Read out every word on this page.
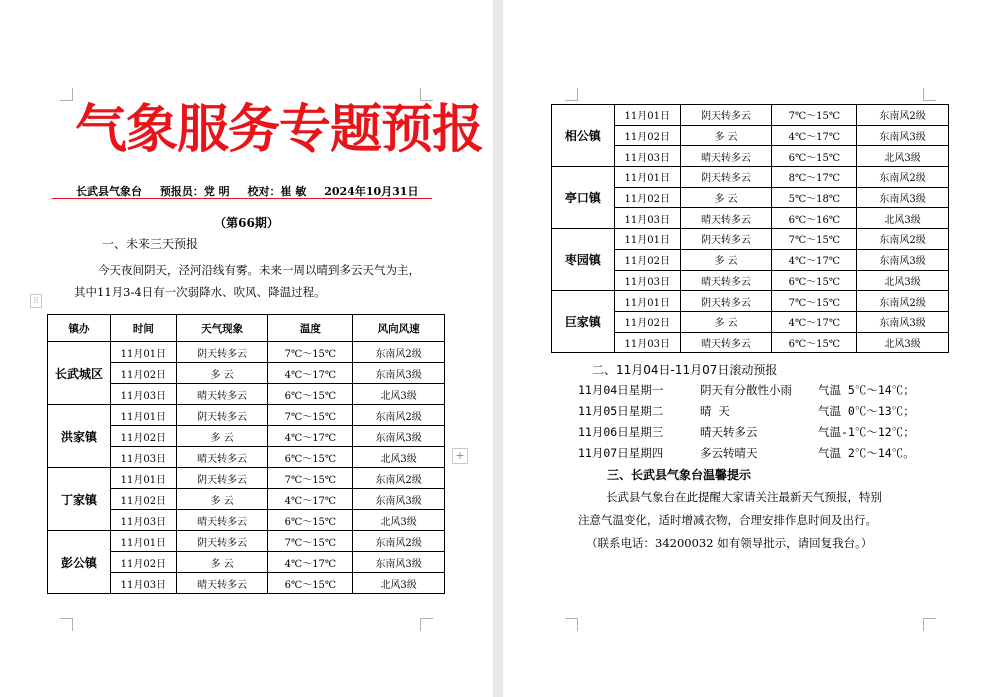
气象服务专题预报
长武县气象台 预报员：党 明 校对：崔 敏 2024年10月31日
（第66期）
一、未来三天预报
今天夜间阴天，泾河沿线有雾。未来一周以晴到多云天气为主，
其中11月3-4日有一次弱降水、吹风、降温过程。
⁞⁞
镇办	时间	天气现象	温度	风向风速
长武城区	11月01日	阴天转多云	7℃～15℃	东南风2级
	11月02日	多 云	4℃～17℃	东南风3级
	11月03日	晴天转多云	6℃～15℃	北风3级
洪家镇	11月01日	阴天转多云	7℃～15℃	东南风2级
	11月02日	多 云	4℃～17℃	东南风3级
	11月03日	晴天转多云	6℃～15℃	北风3级
丁家镇	11月01日	阴天转多云	7℃～15℃	东南风2级
	11月02日	多 云	4℃～17℃	东南风3级
	11月03日	晴天转多云	6℃～15℃	北风3级
彭公镇	11月01日	阴天转多云	7℃～15℃	东南风2级
	11月02日	多 云	4℃～17℃	东南风3级
	11月03日	晴天转多云	6℃～15℃	北风3级
+
相公镇	11月01日	阴天转多云	7℃～15℃	东南风2级
	11月02日	多 云	4℃～17℃	东南风3级
	11月03日	晴天转多云	6℃～15℃	北风3级
亭口镇	11月01日	阴天转多云	8℃～17℃	东南风2级
	11月02日	多 云	5℃～18℃	东南风3级
	11月03日	晴天转多云	6℃～16℃	北风3级
枣园镇	11月01日	阴天转多云	7℃～15℃	东南风2级
	11月02日	多 云	4℃～17℃	东南风3级
	11月03日	晴天转多云	6℃～15℃	北风3级
巨家镇	11月01日	阴天转多云	7℃～15℃	东南风2级
	11月02日	多 云	4℃～17℃	东南风3级
	11月03日	晴天转多云	6℃～15℃	北风3级
二、11月04日-11月07日滚动预报
11月04日星期一	阴天有分散性小雨 气温 5℃～14℃；
11月05日星期二	晴 天	气温 0℃～13℃；
11月06日星期三	晴天转多云	气温-1℃～12℃；
11月07日星期四	多云转晴天	气温 2℃～14℃。
三、长武县气象台温馨提示
长武县气象台在此提醒大家请关注最新天气预报，特别
注意气温变化，适时增减衣物，合理安排作息时间及出行。
（联系电话：34200032 如有领导批示，请回复我台。）
